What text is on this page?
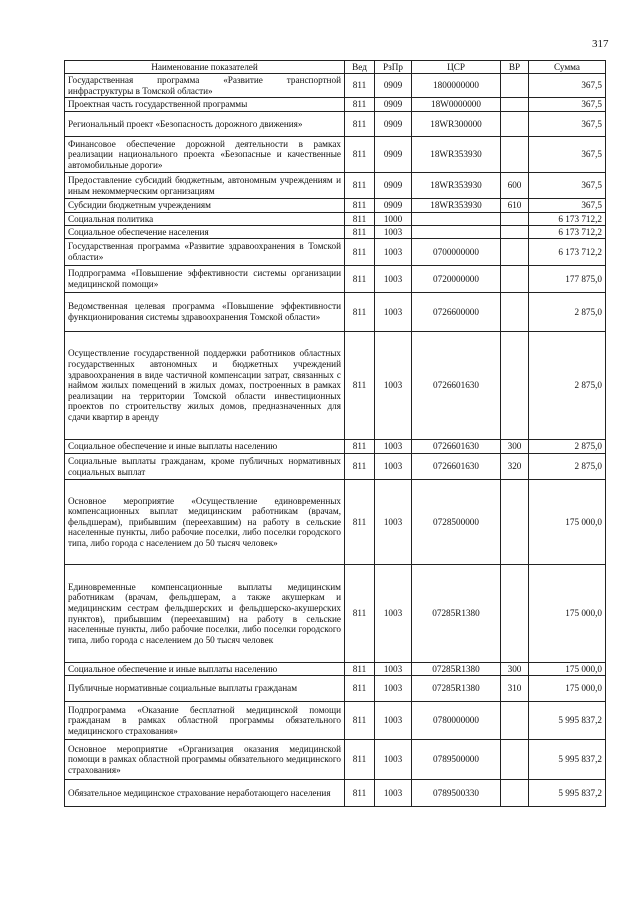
317
Наименование показателей	Вед	РзПр	ЦСР	ВР	Сумма
Государственная программа «Развитие транспортной инфраструктуры в Томской области»	811	0909	1800000000		367,5
Проектная часть государственной программы	811	0909	18W0000000		367,5
Региональный проект «Безопасность дорожного движения»	811	0909	18WR300000		367,5
Финансовое обеспечение дорожной деятельности в рамках реализации национального проекта «Безопасные и качественные автомобильные дороги»	811	0909	18WR353930		367,5
Предоставление субсидий бюджетным, автономным учреждениям и иным некоммерческим организациям	811	0909	18WR353930	600	367,5
Субсидии бюджетным учреждениям	811	0909	18WR353930	610	367,5
Социальная политика	811	1000			6 173 712,2
Социальное обеспечение населения	811	1003			6 173 712,2
Государственная программа «Развитие здравоохранения в Томской области»	811	1003	0700000000		6 173 712,2
Подпрограмма «Повышение эффективности системы организации медицинской помощи»	811	1003	0720000000		177 875,0
Ведомственная целевая программа «Повышение эффективности функционирования системы здравоохранения Томской области»	811	1003	0726600000		2 875,0
Осуществление государственной поддержки работников областных государственных автономных и бюджетных учреждений здравоохранения в виде частичной компенсации затрат, связанных с наймом жилых помещений в жилых домах, построенных в рамках реализации на территории Томской области инвестиционных проектов по строительству жилых домов, предназначенных для сдачи квартир в аренду	811	1003	0726601630		2 875,0
Социальное обеспечение и иные выплаты населению	811	1003	0726601630	300	2 875,0
Социальные выплаты гражданам, кроме публичных нормативных социальных выплат	811	1003	0726601630	320	2 875,0
Основное мероприятие «Осуществление единовременных компенсационных выплат медицинским работникам (врачам, фельдшерам), прибывшим (переехавшим) на работу в сельские населенные пункты, либо рабочие поселки, либо поселки городского типа, либо города с населением до 50 тысяч человек»	811	1003	0728500000		175 000,0
Единовременные компенсационные выплаты медицинским работникам (врачам, фельдшерам, а также акушеркам и медицинским сестрам фельдшерских и фельдшерско-акушерских пунктов), прибывшим (переехавшим) на работу в сельские населенные пункты, либо рабочие поселки, либо поселки городского типа, либо города с населением до 50 тысяч человек	811	1003	07285R1380		175 000,0
Социальное обеспечение и иные выплаты населению	811	1003	07285R1380	300	175 000,0
Публичные нормативные социальные выплаты гражданам	811	1003	07285R1380	310	175 000,0
Подпрограмма «Оказание бесплатной медицинской помощи гражданам в рамках областной программы обязательного медицинского страхования»	811	1003	0780000000		5 995 837,2
Основное мероприятие «Организация оказания медицинской помощи в рамках областной программы обязательного медицинского страхования»	811	1003	0789500000		5 995 837,2
Обязательное медицинское страхование неработающего населения	811	1003	0789500330		5 995 837,2
